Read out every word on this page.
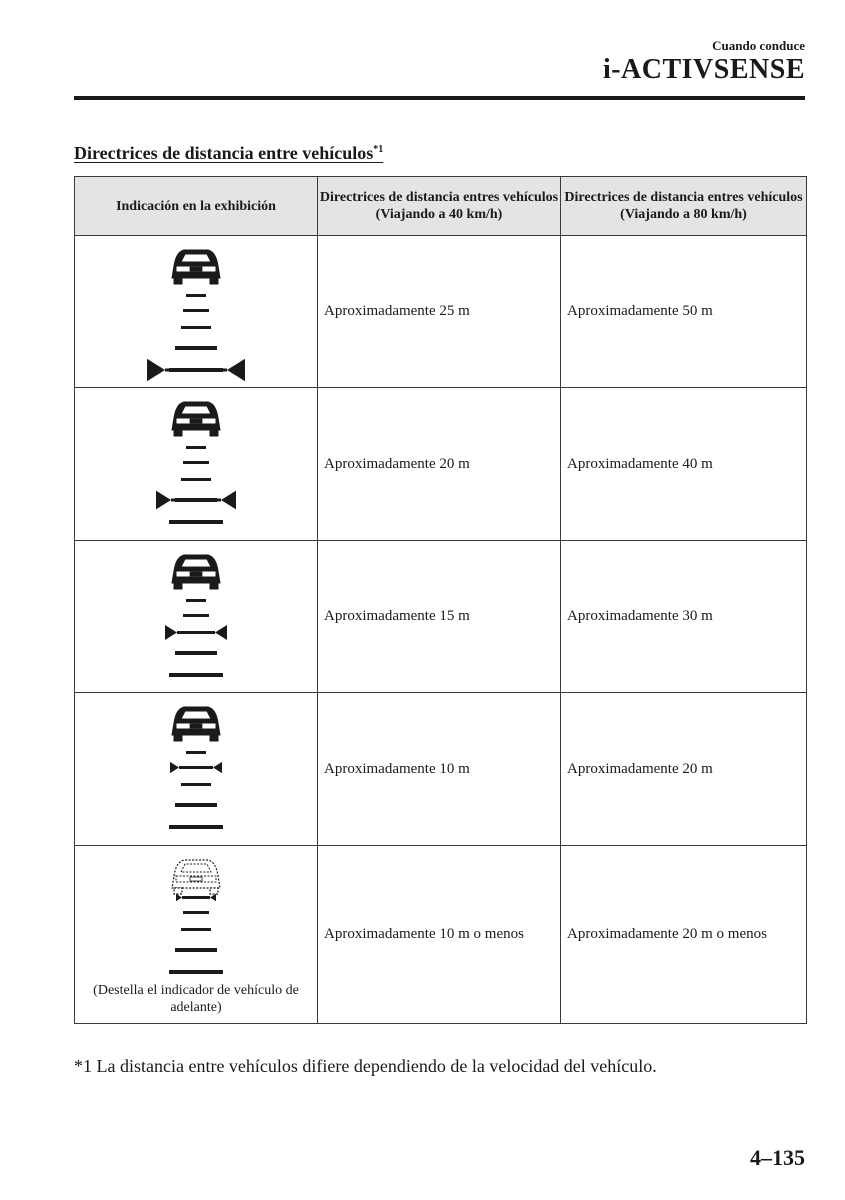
Cuando conduce
i-ACTIVSENSE
Directrices de distancia entre vehículos$^{*1}$
Indicación en la exhibición	Directrices de distancia entres vehículos (Viajando a 40 km/h)	Directrices de distancia entres vehículos (Viajando a 80 km/h)

	Aproximadamente 25 m	Aproximadamente 50 m

	Aproximadamente 20 m	Aproximadamente 40 m

	Aproximadamente 15 m	Aproximadamente 30 m

	Aproximadamente 10 m	Aproximadamente 20 m

(Destella el indicador de vehículo de adelante)	Aproximadamente 10 m o menos	Aproximadamente 20 m o menos
*1 La distancia entre vehículos difiere dependiendo de la velocidad del vehículo.
4–135
